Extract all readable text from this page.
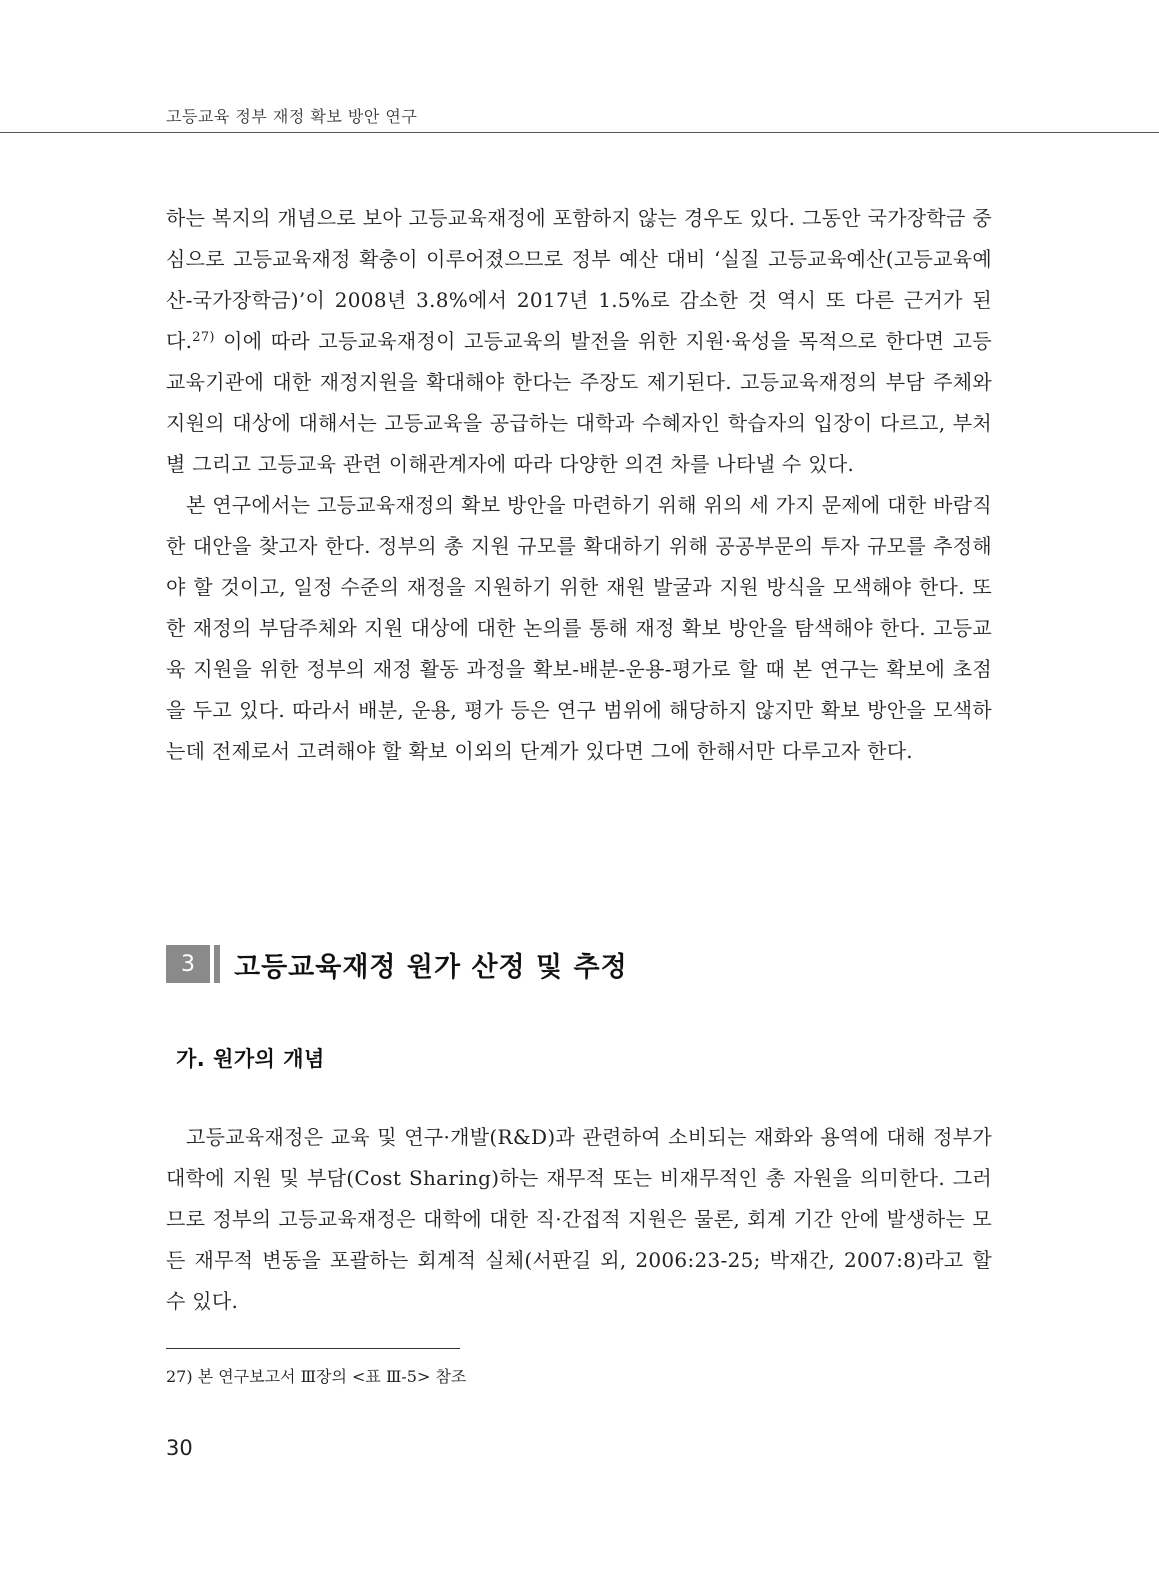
고등교육 정부 재정 확보 방안 연구

하는 복지의 개념으로 보아 고등교육재정에 포함하지 않는 경우도 있다. 그동안 국가장학금 중심으로 고등교육재정 확충이 이루어졌으므로 정부 예산 대비 ‘실질 고등교육예산(고등교육예산-국가장학금)’이 2008년 3.8%에서 2017년 1.5%로 감소한 것 역시 또 다른 근거가 된다.$^{27)}$ 이에 따라 고등교육재정이 고등교육의 발전을 위한 지원·육성을 목적으로 한다면 고등교육기관에 대한 재정지원을 확대해야 한다는 주장도 제기된다. 고등교육재정의 부담 주체와 지원의 대상에 대해서는 고등교육을 공급하는 대학과 수혜자인 학습자의 입장이 다르고, 부처별 그리고 고등교육 관련 이해관계자에 따라 다양한 의견 차를 나타낼 수 있다.

본 연구에서는 고등교육재정의 확보 방안을 마련하기 위해 위의 세 가지 문제에 대한 바람직한 대안을 찾고자 한다. 정부의 총 지원 규모를 확대하기 위해 공공부문의 투자 규모를 추정해야 할 것이고, 일정 수준의 재정을 지원하기 위한 재원 발굴과 지원 방식을 모색해야 한다. 또한 재정의 부담주체와 지원 대상에 대한 논의를 통해 재정 확보 방안을 탐색해야 한다. 고등교육 지원을 위한 정부의 재정 활동 과정을 확보-배분-운용-평가로 할 때 본 연구는 확보에 초점을 두고 있다. 따라서 배분, 운용, 평가 등은 연구 범위에 해당하지 않지만 확보 방안을 모색하는데 전제로서 고려해야 할 확보 이외의 단계가 있다면 그에 한해서만 다루고자 한다.

3	고등교육재정 원가 산정 및 추정
가. 원가의 개념

고등교육재정은 교육 및 연구·개발(R&D)과 관련하여 소비되는 재화와 용역에 대해 정부가 대학에 지원 및 부담(Cost Sharing)하는 재무적 또는 비재무적인 총 자원을 의미한다. 그러므로 정부의 고등교육재정은 대학에 대한 직·간접적 지원은 물론, 회계 기간 안에 발생하는 모든 재무적 변동을 포괄하는 회계적 실체(서판길 외, 2006:23-25; 박재간, 2007:8)라고 할 수 있다.

27) 본 연구보고서 Ⅲ장의 <표 Ⅲ-5> 참조
30
